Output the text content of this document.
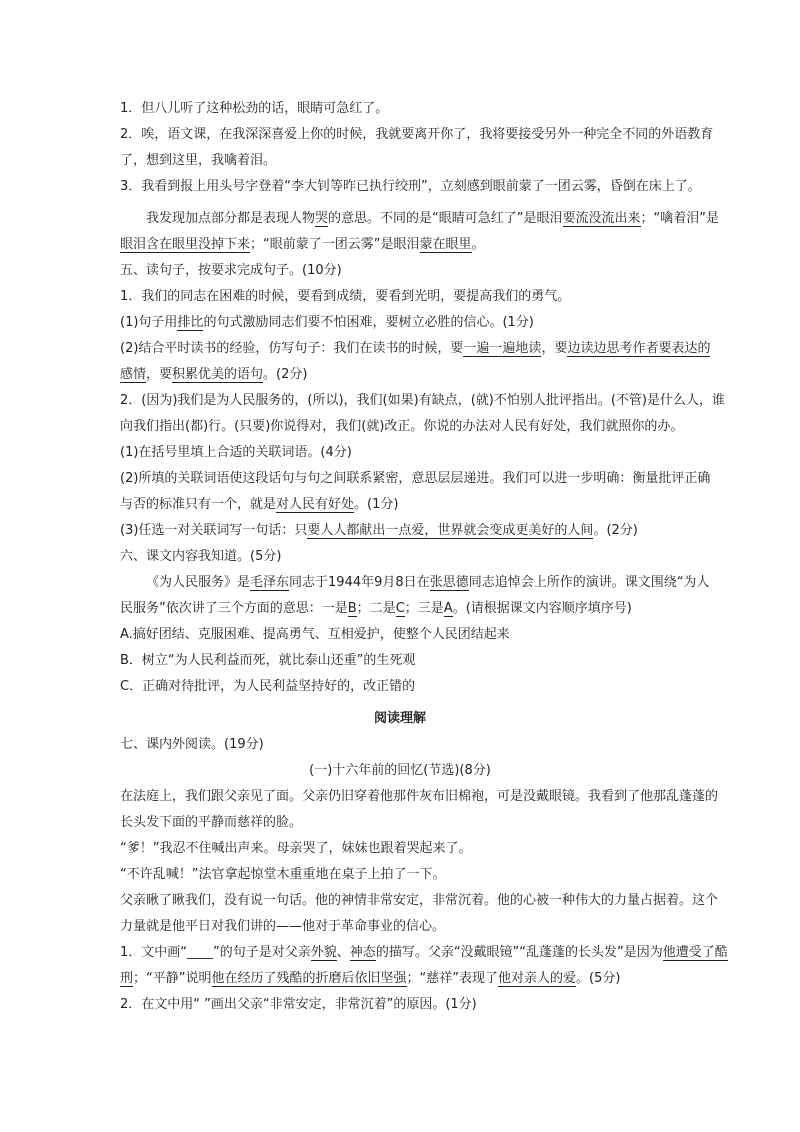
1．但八儿听了这种松劲的话，眼睛可急红了。
2．唉，语文课，在我深深喜爱上你的时候，我就要离开你了，我将要接受另外一种完全不同的外语教育
了，想到这里，我噙着泪。
3．我看到报上用头号字登着“李大钊等昨已执行绞刑”，立刻感到眼前蒙了一团云雾，昏倒在床上了。
我发现加点部分都是表现人物哭的意思。不同的是“眼睛可急红了”是眼泪要流没流出来；“噙着泪”是
眼泪含在眼里没掉下来；“眼前蒙了一团云雾”是眼泪蒙在眼里。
五、读句子，按要求完成句子。(10分)
1．我们的同志在困难的时候，要看到成绩，要看到光明，要提高我们的勇气。
(1)句子用排比的句式激励同志们要不怕困难，要树立必胜的信心。(1分)
(2)结合平时读书的经验，仿写句子：我们在读书的时候，要一遍一遍地读，要边读边思考作者要表达的
感情，要积累优美的语句。(2分)
2．(因为)我们是为人民服务的，(所以)，我们(如果)有缺点，(就)不怕别人批评指出。(不管)是什么人，谁
向我们指出(都)行。(只要)你说得对，我们(就)改正。你说的办法对人民有好处，我们就照你的办。
(1)在括号里填上合适的关联词语。(4分)
(2)所填的关联词语使这段话句与句之间联系紧密，意思层层递进。我们可以进一步明确：衡量批评正确
与否的标准只有一个，就是对人民有好处。(1分)
(3)任选一对关联词写一句话：只要人人都献出一点爱，世界就会变成更美好的人间。(2分)
六、课文内容我知道。(5分)
《为人民服务》是毛泽东同志于1944年9月8日在张思德同志追悼会上所作的演讲。课文围绕“为人
民服务”依次讲了三个方面的意思：一是B；二是C；三是A。(请根据课文内容顺序填序号)
A.搞好团结、克服困难、提高勇气、互相爱护，使整个人民团结起来
B．树立“为人民利益而死，就比泰山还重”的生死观
C．正确对待批评，为人民利益坚持好的，改正错的
阅读理解
七、课内外阅读。(19分)
(一)十六年前的回忆(节选)(8分)
在法庭上，我们跟父亲见了面。父亲仍旧穿着他那件灰布旧棉袍，可是没戴眼镜。我看到了他那乱蓬蓬的
长头发下面的平静而慈祥的脸。
“爹！”我忍不住喊出声来。母亲哭了，妹妹也跟着哭起来了。
“不许乱喊！”法官拿起惊堂木重重地在桌子上拍了一下。
父亲瞅了瞅我们，没有说一句话。他的神情非常安定，非常沉着。他的心被一种伟大的力量占据着。这个
力量就是他平日对我们讲的——他对于革命事业的信心。
1．文中画“____”的句子是对父亲外貌、神态的描写。父亲“没戴眼镜”“乱蓬蓬的长头发”是因为他遭受了酷
刑；“平静”说明他在经历了残酷的折磨后依旧坚强；“慈祥”表现了他对亲人的爱。(5分)
2．在文中用“ ”画出父亲“非常安定，非常沉着”的原因。(1分)
